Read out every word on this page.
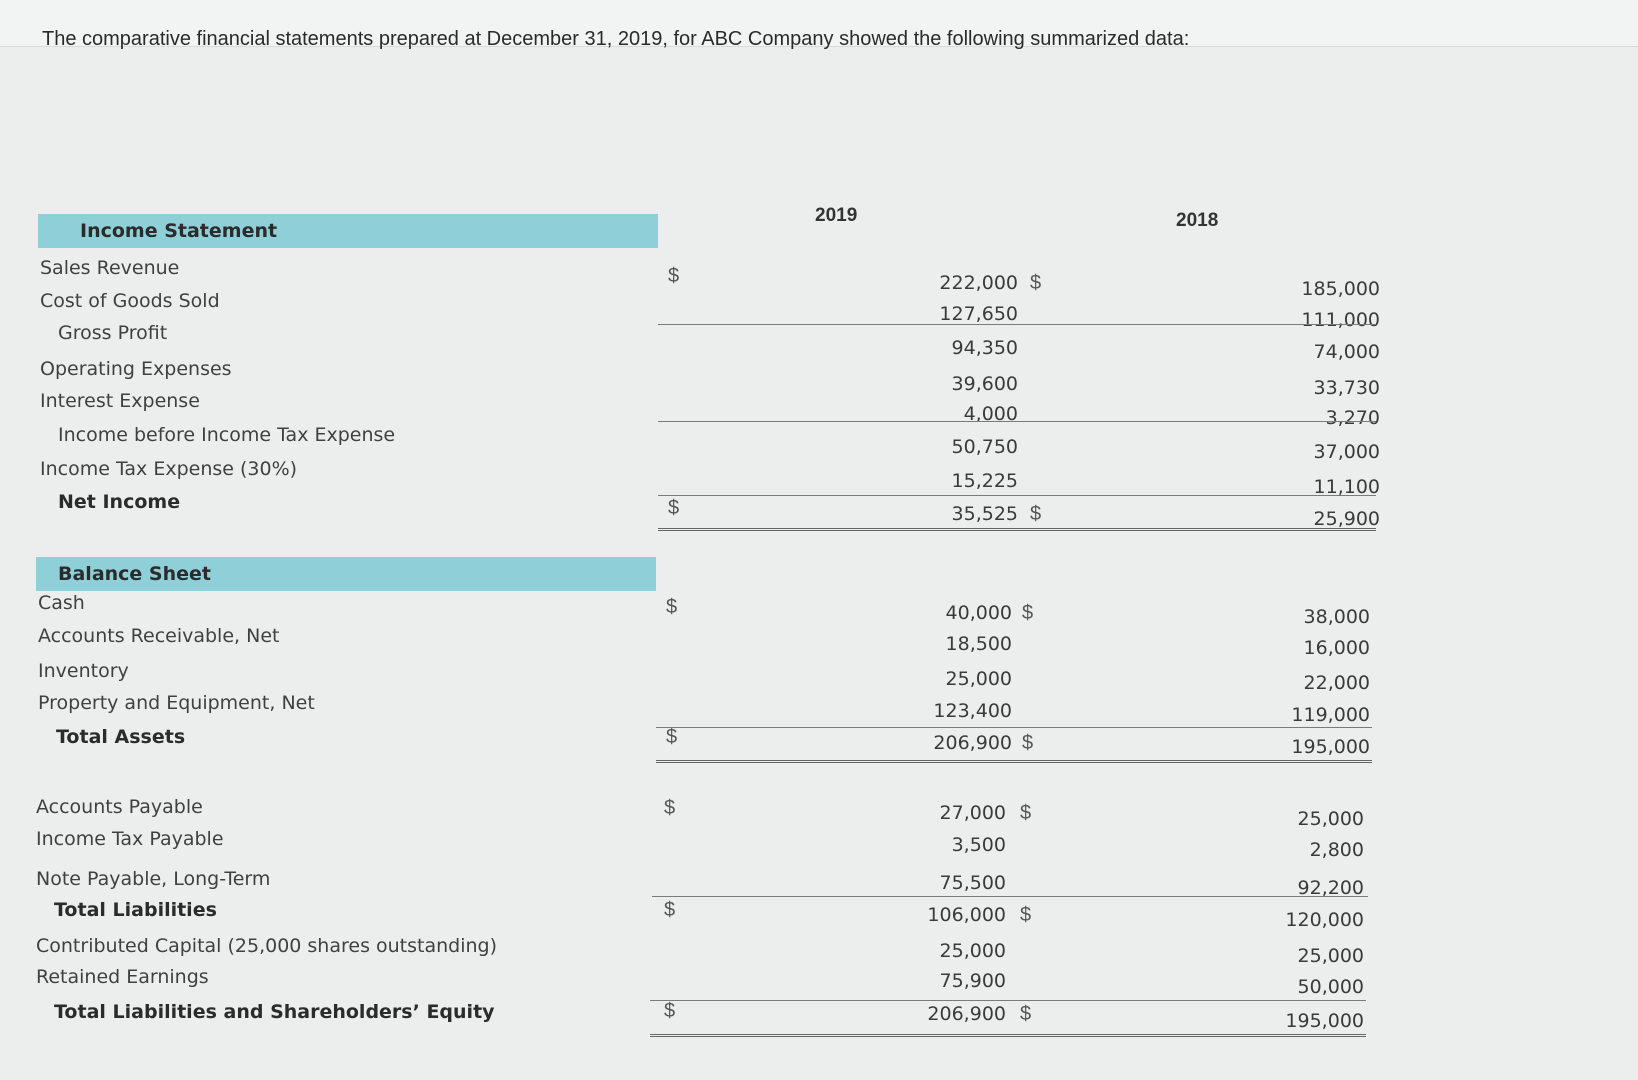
The comparative financial statements prepared at December 31, 2019, for ABC Company showed the following summarized data:
2019	2018
Income Statement
Sales Revenue
Cost of Goods Sold
Gross Profit
Operating Expenses
Interest Expense
Income before Income Tax Expense
Income Tax Expense (30%)
Net Income
$
$
222,000 $
127,650
94,350
39,600
4,000
50,750
15,225
35,525 $
185,000
111,000
74,000
33,730
3,270
37,000
11,100
25,900
Balance Sheet
Cash
Accounts Receivable, Net
Inventory
Property and Equipment, Net
Total Assets
$
$
40,000 $
18,500
25,000
123,400
206,900 $
38,000
16,000
22,000
119,000
195,000
Accounts Payable
Income Tax Payable
Note Payable, Long-Term
Total Liabilities
Contributed Capital (25,000 shares outstanding)
Retained Earnings
Total Liabilities and Shareholders’ Equity
$
$
$
27,000 $
3,500
75,500
106,000 $
25,000
75,900
206,900 $
25,000
2,800
92,200
120,000
25,000
50,000
195,000
